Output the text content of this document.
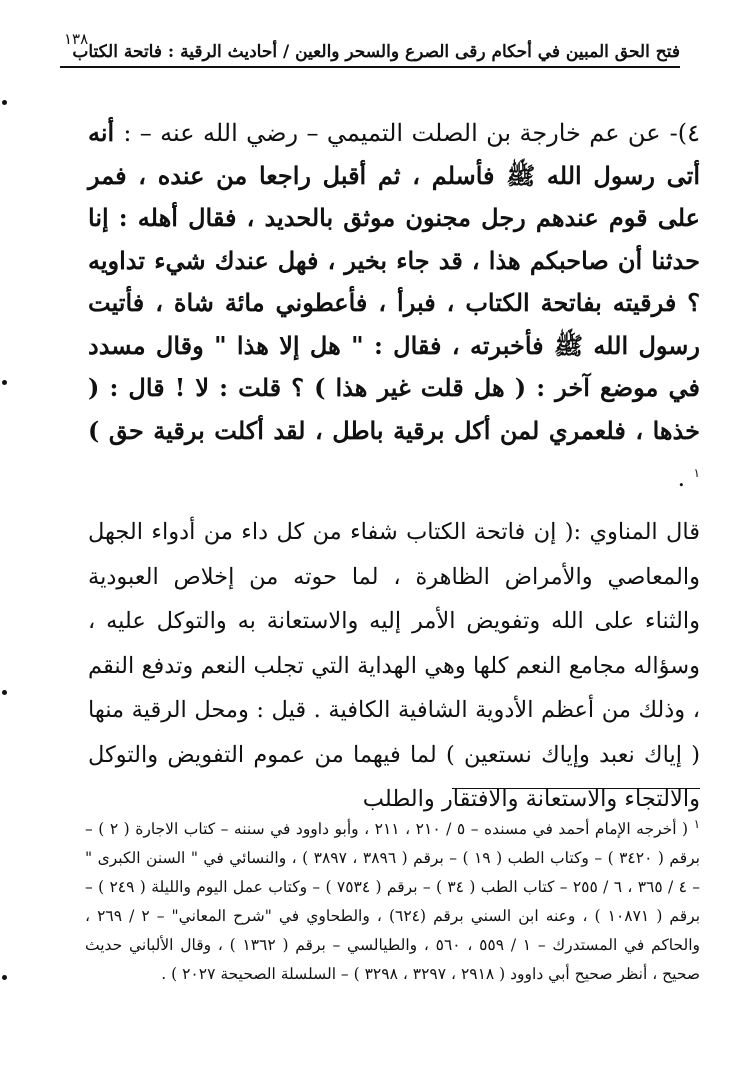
١٣٨
فتح الحق المبين في أحكام رقى الصرع والسحر والعين / أحاديث الرقية : فاتحة الكتاب
٤)- عن عم خارجة بن الصلت التميمي – رضي الله عنه – : أنه أتى رسول الله ﷺ فأسلم ، ثم أقبل راجعا من عنده ، فمر على قوم عندهم رجل مجنون موثق بالحديد ، فقال أهله : إنا حدثنا أن صاحبكم هذا ، قد جاء بخير ، فهل عندك شيء تداويه ؟ فرقيته بفاتحة الكتاب ، فبرأ ، فأعطوني مائة شاة ، فأتيت رسول الله ﷺ فأخبرته ، فقال : " هل إلا هذا " وقال مسدد في موضع آخر : ( هل قلت غير هذا ) ؟ قلت : لا ! قال : ( خذها ، فلعمري لمن أكل برقية باطل ، لقد أكلت برقية حق ) $^١$ .
قال المناوي :( إن فاتحة الكتاب شفاء من كل داء من أدواء الجهل والمعاصي والأمراض الظاهرة ، لما حوته من إخلاص العبودية والثناء على الله وتفويض الأمر إليه والاستعانة به والتوكل عليه ، وسؤاله مجامع النعم كلها وهي الهداية التي تجلب النعم وتدفع النقم ، وذلك من أعظم الأدوية الشافية الكافية . قيل : ومحل الرقية منها ( إياك نعبد وإياك نستعين ) لما فيهما من عموم التفويض والتوكل والالتجاء والاستعانة والافتقار والطلب
$^١$ ( أخرجه الإمام أحمد في مسنده – ٥ / ٢١٠ ، ٢١١ ، وأبو داوود في سننه – كتاب الاجارة ( ٢ ) – برقم ( ٣٤٢٠ ) – وكتاب الطب ( ١٩ ) – برقم ( ٣٨٩٦ ، ٣٨٩٧ ) ، والنسائي في " السنن الكبرى " – ٤ / ٣٦٥ ، ٦ / ٢٥٥ – كتاب الطب ( ٣٤ ) – برقم ( ٧٥٣٤ ) – وكتاب عمل اليوم والليلة ( ٢٤٩ ) – برقم ( ١٠٨٧١ ) ، وعنه ابن السني برقم (٦٢٤) ، والطحاوي في "شرح المعاني" – ٢ / ٢٦٩ ، والحاكم في المستدرك – ١ / ٥٥٩ ، ٥٦٠ ، والطيالسي – برقم ( ١٣٦٢ ) ، وقال الألباني حديث صحيح ، أنظر صحيح أبي داوود ( ٢٩١٨ ، ٣٢٩٧ ، ٣٢٩٨ ) – السلسلة الصحيحة ٢٠٢٧ ) .
